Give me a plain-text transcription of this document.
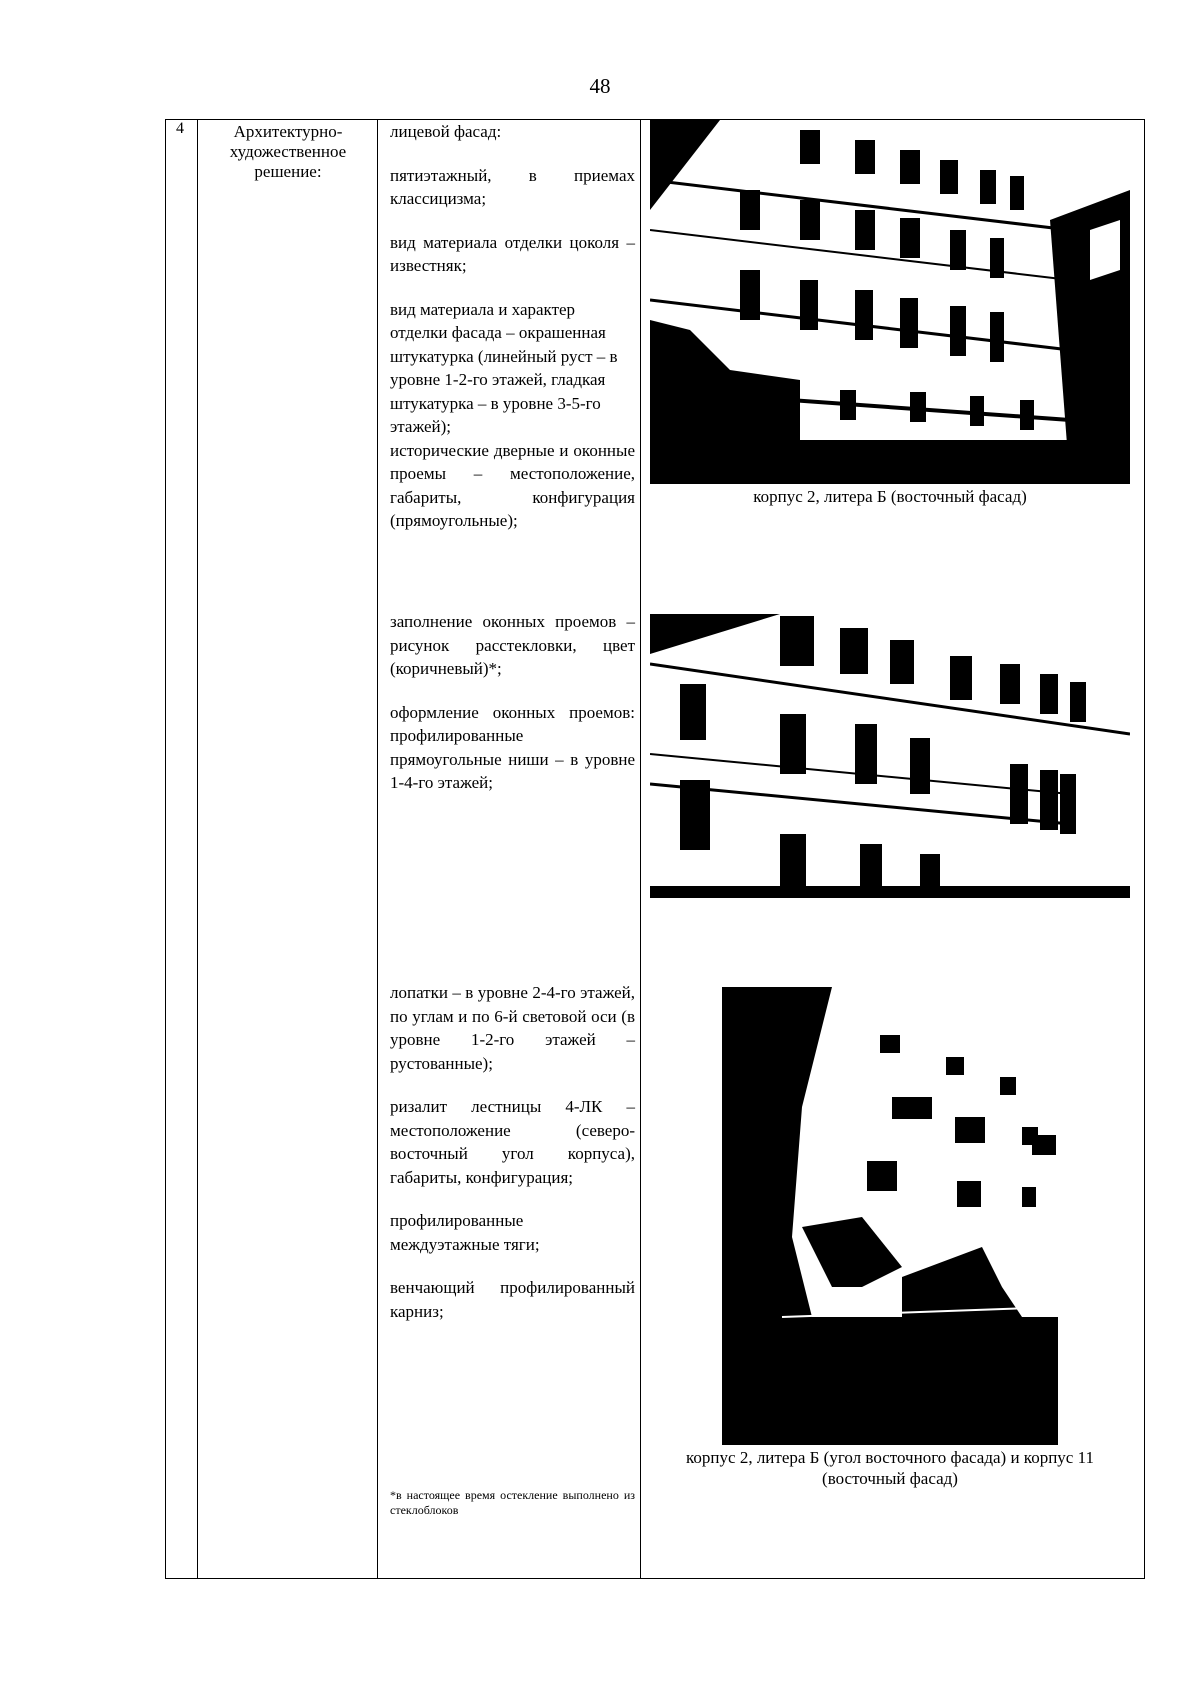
48
4	Архитектурно-художественное решение:

лицевой фасад:

пятиэтажный, в приемах классицизма;

вид материала отделки цоколя – известняк;

вид материала и характер отделки фасада – окрашенная штукатурка (линейный руст – в уровне 1-2-го этажей, гладкая штукатурка – в уровне 3-5-го этажей);

исторические дверные и оконные проемы – местоположение, габариты, конфигурация (прямоугольные);

заполнение оконных проемов – рисунок расстекловки, цвет (коричневый)*;

оформление оконных проемов: профилированные прямоугольные ниши – в уровне 1-4-го этажей;

лопатки – в уровне 2-4-го этажей, по углам и по 6-й световой оси (в уровне 1-2-го этажей – рустованные);

ризалит лестницы 4-ЛК – местоположение (северо-восточный угол корпуса), габариты, конфигурация;

профилированные междуэтажные тяги;

венчающий профилированный карниз;

*в настоящее время остекление выполнено из стеклоблоков
корпус 2, литера Б (восточный фасад)
корпус 2, литера Б (угол восточного фасада) и корпус 11 (восточный фасад)
